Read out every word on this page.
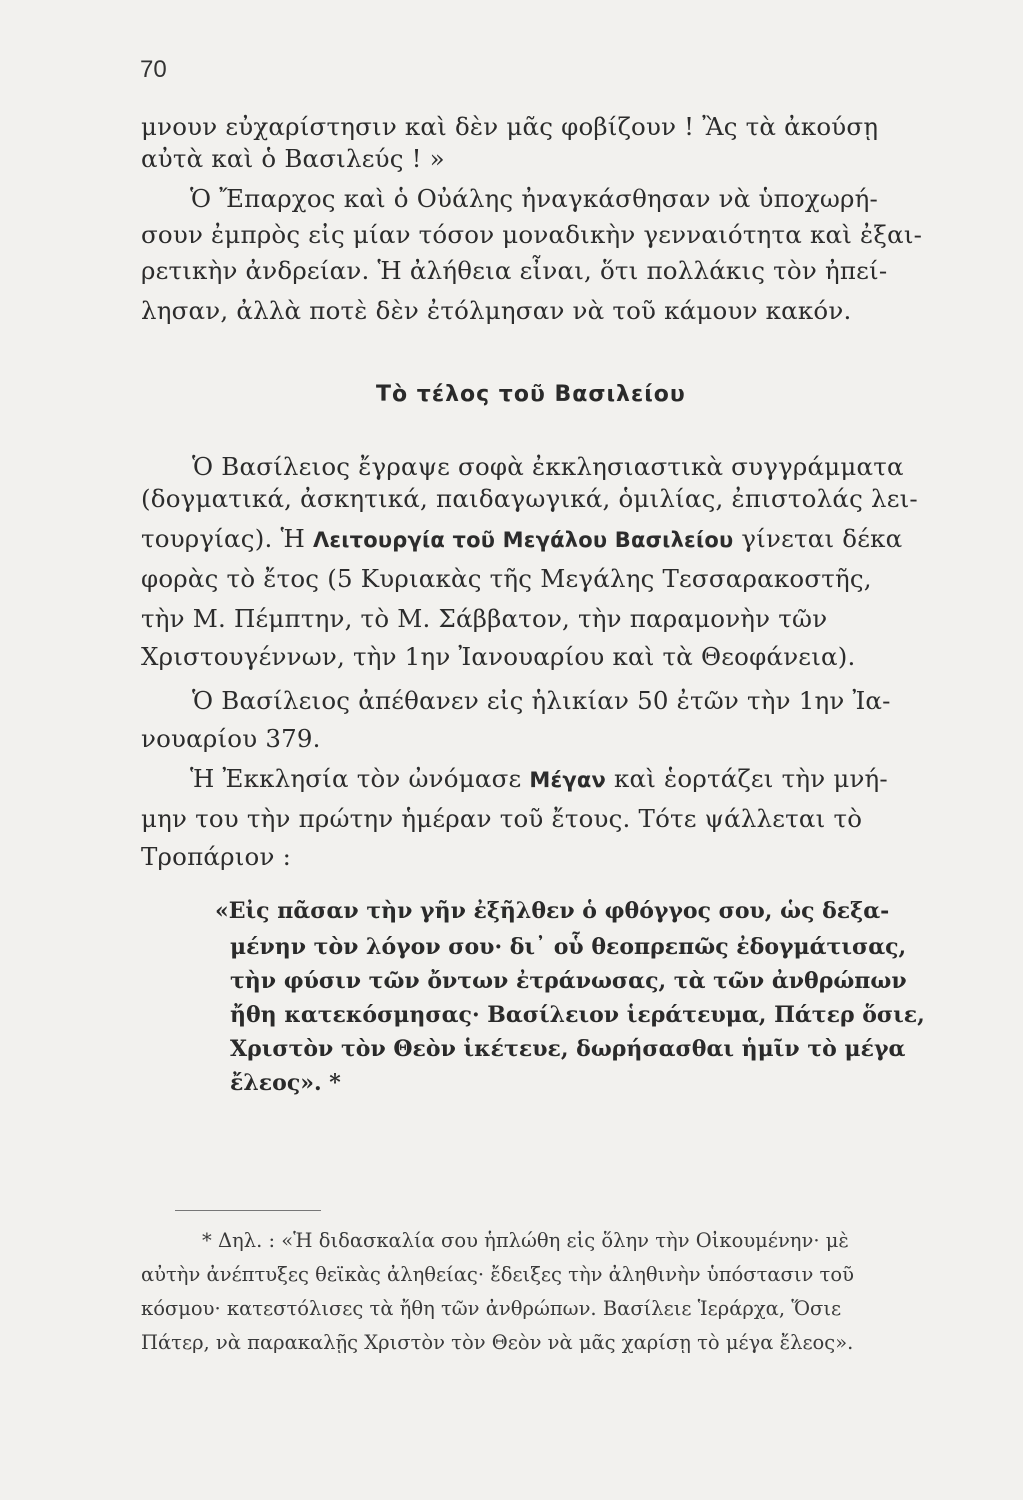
70
μνουν εὐχαρίστησιν καὶ δὲν μᾶς φοβίζουν ! Ἂς τὰ ἀκούσῃ
αὐτὰ καὶ ὁ Βασιλεύς ! »
Ὁ Ἔπαρχος καὶ ὁ Οὐάλης ἠναγκάσθησαν νὰ ὑποχωρή-
σουν ἐμπρὸς εἰς μίαν τόσον μοναδικὴν γενναιότητα καὶ ἐξαι-
ρετικὴν ἀνδρείαν. Ἡ ἀλήθεια εἶναι, ὅτι πολλάκις τὸν ἠπεί-
λησαν, ἀλλὰ ποτὲ δὲν ἐτόλμησαν νὰ τοῦ κάμουν κακόν.
Τὸ τέλος τοῦ Βασιλείου
Ὁ Βασίλειος ἔγραψε σοφὰ ἐκκλησιαστικὰ συγγράμματα
(δογματικά, ἀσκητικά, παιδαγωγικά, ὁμιλίας, ἐπιστολάς λει-
τουργίας). Ἡ Λειτουργία τοῦ Μεγάλου Βασιλείου γίνεται δέκα
φορὰς τὸ ἔτος (5 Κυριακὰς τῆς Μεγάλης Τεσσαρακοστῆς,
τὴν Μ. Πέμπτην, τὸ Μ. Σάββατον, τὴν παραμονὴν τῶν
Χριστουγέννων, τὴν 1ην Ἰανουαρίου καὶ τὰ Θεοφάνεια).
Ὁ Βασίλειος ἀπέθανεν εἰς ἡλικίαν 50 ἐτῶν τὴν 1ην Ἰα-
νουαρίου 379.
Ἡ Ἐκκλησία τὸν ὠνόμασε Μέγαν καὶ ἑορτάζει τὴν μνή-
μην του τὴν πρώτην ἡμέραν τοῦ ἔτους. Τότε ψάλλεται τὸ
Τροπάριον :
«Εἰς πᾶσαν τὴν γῆν ἐξῆλθεν ὁ φθόγγος σου, ὡς δεξα-
μένην τὸν λόγον σου· δι᾽ οὗ θεοπρεπῶς ἐδογμάτισας,
τὴν φύσιν τῶν ὄντων ἐτράνωσας, τὰ τῶν ἀνθρώπων
ἤθη κατεκόσμησας· Βασίλειον ἱεράτευμα, Πάτερ ὅσιε,
Χριστὸν τὸν Θεὸν ἱκέτευε, δωρήσασθαι ἡμῖν τὸ μέγα
ἔλεος». *
* Δηλ. : «Ἡ διδασκαλία σου ἡπλώθη εἰς ὅλην τὴν Οἰκουμένην· μὲ
αὐτὴν ἀνέπτυξες θεϊκὰς ἀληθείας· ἔδειξες τὴν ἀληθινὴν ὑπόστασιν τοῦ
κόσμου· κατεστόλισες τὰ ἤθη τῶν ἀνθρώπων. Βασίλειε Ἱεράρχα, Ὅσιε
Πάτερ, νὰ παρακαλῇς Χριστὸν τὸν Θεὸν νὰ μᾶς χαρίσῃ τὸ μέγα ἔλεος».
